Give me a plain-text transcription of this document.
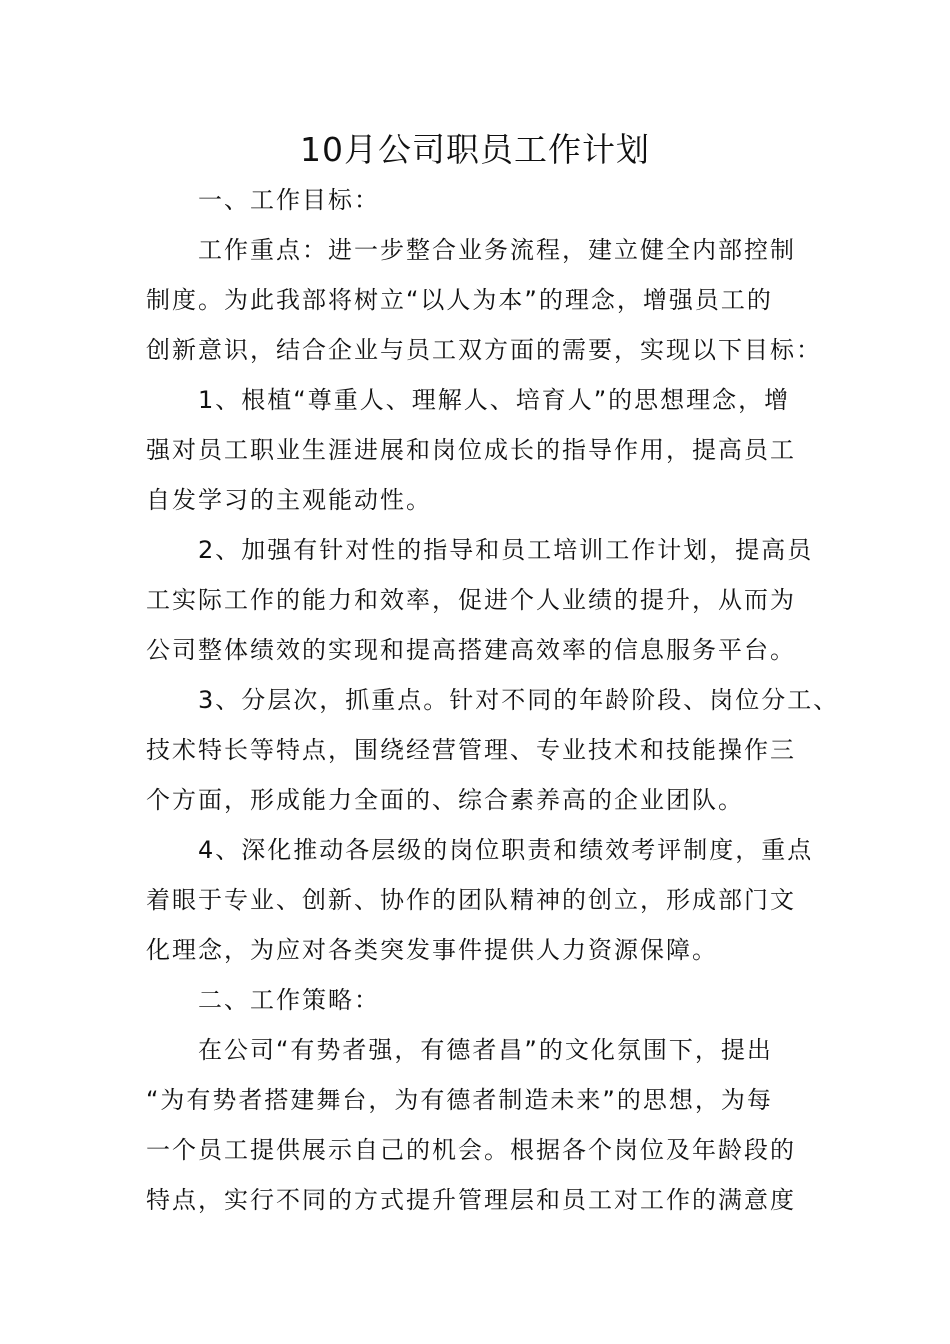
10月公司职员工作计划
　　一、工作目标：
　　工作重点：进一步整合业务流程，建立健全内部控制
制度。为此我部将树立“以人为本”的理念，增强员工的
创新意识，结合企业与员工双方面的需要，实现以下目标：
　　1、根植“尊重人、理解人、培育人”的思想理念，增
强对员工职业生涯进展和岗位成长的指导作用，提高员工
自发学习的主观能动性。
　　2、加强有针对性的指导和员工培训工作计划，提高员
工实际工作的能力和效率，促进个人业绩的提升，从而为
公司整体绩效的实现和提高搭建高效率的信息服务平台。
　　3、分层次，抓重点。针对不同的年龄阶段、岗位分工、
技术特长等特点，围绕经营管理、专业技术和技能操作三
个方面，形成能力全面的、综合素养高的企业团队。
　　4、深化推动各层级的岗位职责和绩效考评制度，重点
着眼于专业、创新、协作的团队精神的创立，形成部门文
化理念，为应对各类突发事件提供人力资源保障。
　　二、工作策略：
　　在公司“有势者强，有德者昌”的文化氛围下，提出
“为有势者搭建舞台，为有德者制造未来”的思想，为每
一个员工提供展示自己的机会。根据各个岗位及年龄段的
特点，实行不同的方式提升管理层和员工对工作的满意度
